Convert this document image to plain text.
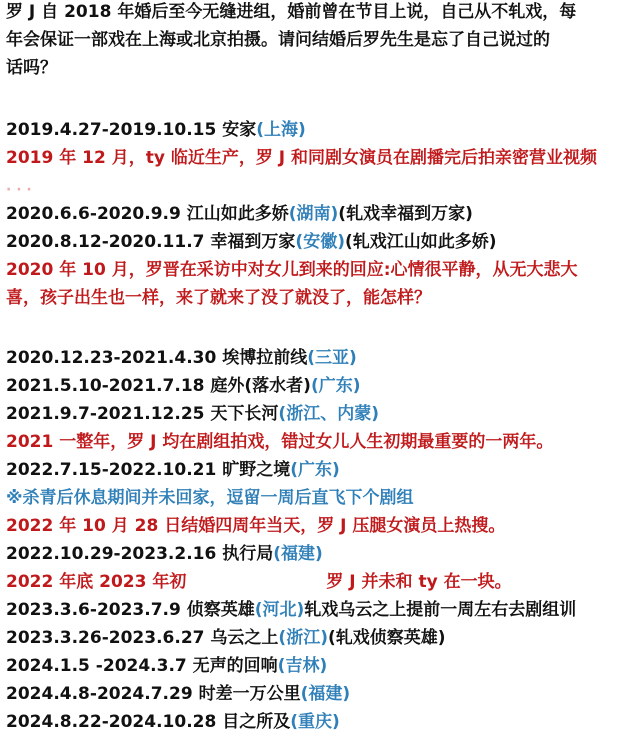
罗 J 自 2018 年婚后至今无缝进组，婚前曾在节目上说，自己从不轧戏，每
年会保证一部戏在上海或北京拍摄。请问结婚后罗先生是忘了自己说过的
话吗？
2019.4.27-2019.10.15 安家(上海)
2019 年 12 月，ty 临近生产，罗 J 和同剧女演员在剧播完后拍亲密营业视频
· · ·
2020.6.6-2020.9.9 江山如此多娇(湖南)(轧戏幸福到万家)
2020.8.12-2020.11.7 幸福到万家(安徽)(轧戏江山如此多娇)
2020 年 10 月，罗晋在采访中对女儿到来的回应:心情很平静，从无大悲大
喜，孩子出生也一样，来了就来了没了就没了，能怎样？
2020.12.23-2021.4.30 埃博拉前线(三亚)
2021.5.10-2021.7.18 庭外(落水者)(广东)
2021.9.7-2021.12.25 天下长河(浙江、内蒙)
2021 一整年，罗 J 均在剧组拍戏，错过女儿人生初期最重要的一两年。
2022.7.15-2022.10.21 旷野之境(广东)
※杀青后休息期间并未回家，逗留一周后直飞下个剧组
2022 年 10 月 28 日结婚四周年当天，罗 J 压腿女演员上热搜。
2022.10.29-2023.2.16 执行局(福建)
2022 年底 2023 年初	罗 J 并未和 ty 在一块。
2023.3.6-2023.7.9 侦察英雄(河北)轧戏乌云之上提前一周左右去剧组训
2023.3.26-2023.6.27 乌云之上(浙江)(轧戏侦察英雄)
2024.1.5 -2024.3.7 无声的回响(吉林)
2024.4.8-2024.7.29 时差一万公里(福建)
2024.8.22-2024.10.28 目之所及(重庆)
